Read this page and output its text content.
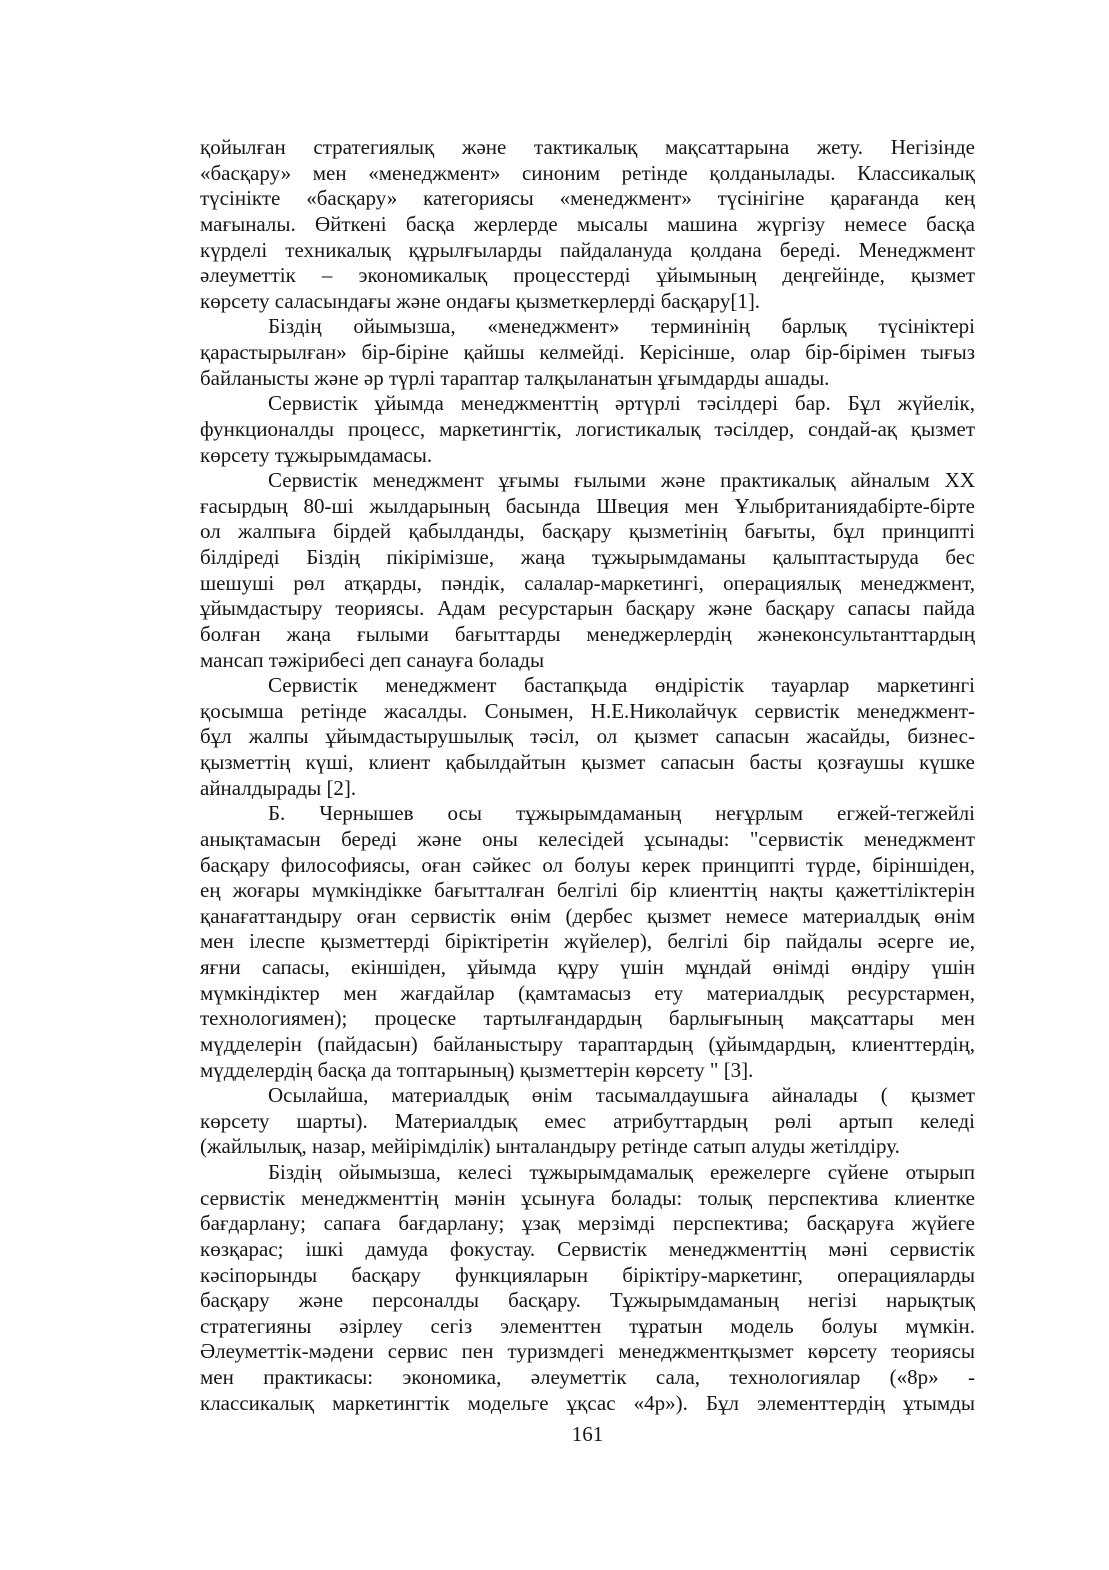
қойылған стратегиялық және тактикалық мақсаттарына жету. Негізінде
«басқару» мен «менеджмент» синоним ретінде қолданылады. Классикалық
түсінікте «басқару» категориясы «менеджмент» түсінігіне қарағанда кең
мағыналы. Өйткені басқа жерлерде мысалы машина жүргізу немесе басқа
күрделі техникалық құрылғыларды пайдалануда қолдана береді. Менеджмент
әлеуметтік – экономикалық процесстерді ұйымының деңгейінде, қызмет
көрсету саласындағы және ондағы қызметкерлерді басқару[1].
Біздің ойымызша, «менеджмент» терминінің барлық түсініктері
қарастырылған» бір-біріне қайшы келмейді. Керісінше, олар бір-бірімен тығыз
байланысты және әр түрлі тараптар талқыланатын ұғымдарды ашады.
Сервистік ұйымда менеджменттің әртүрлі тәсілдері бар. Бұл жүйелік,
функционалды процесс, маркетингтік, логистикалық тәсілдер, сондай-ақ қызмет
көрсету тұжырымдамасы.
Сервистік менеджмент ұғымы ғылыми және практикалық айналым XX
ғасырдың 80-ші жылдарының басында Швеция мен Ұлыбританиядабірте-бірте
ол жалпыға бірдей қабылданды, басқару қызметінің бағыты, бұл принципті
білдіреді Біздің пікірімізше, жаңа тұжырымдаманы қалыптастыруда бес
шешуші рөл атқарды, пәндік, салалар-маркетингі, операциялық менеджмент,
ұйымдастыру теориясы. Адам ресурстарын басқару және басқару сапасы пайда
болған жаңа ғылыми бағыттарды менеджерлердің жәнеконсультанттардың
мансап тәжірибесі деп санауға болады
Сервистік менеджмент бастапқыда өндірістік тауарлар маркетингі
қосымша ретінде жасалды. Сонымен, Н.Е.Николайчук сервистік менеджмент-
бұл жалпы ұйымдастырушылық тәсіл, ол қызмет сапасын жасайды, бизнес-
қызметтің күші, клиент қабылдайтын қызмет сапасын басты қозғаушы күшке
айналдырады [2].
Б. Чернышев осы тұжырымдаманың неғұрлым егжей-тегжейлі
анықтамасын береді және оны келесідей ұсынады: "сервистік менеджмент
басқару философиясы, оған сәйкес ол болуы керек принципті түрде, біріншіден,
ең жоғары мүмкіндікке бағытталған белгілі бір клиенттің нақты қажеттіліктерін
қанағаттандыру оған сервистік өнім (дербес қызмет немесе материалдық өнім
мен ілеспе қызметтерді біріктіретін жүйелер), белгілі бір пайдалы әсерге ие,
яғни сапасы, екіншіден, ұйымда құру үшін мұндай өнімді өндіру үшін
мүмкіндіктер мен жағдайлар (қамтамасыз ету материалдық ресурстармен,
технологиямен); процеске тартылғандардың барлығының мақсаттары мен
мүдделерін (пайдасын) байланыстыру тараптардың (ұйымдардың, клиенттердің,
мүдделердің басқа да топтарының) қызметтерін көрсету " [3].
Осылайша, материалдық өнім тасымалдаушыға айналады ( қызмет
көрсету шарты). Материалдық емес атрибуттардың рөлі артып келеді
(жайлылық, назар, мейірімділік) ынталандыру ретінде сатып алуды жетілдіру.
Біздің ойымызша, келесі тұжырымдамалық ережелерге сүйене отырып
сервистік менеджменттің мәнін ұсынуға болады: толық перспектива клиентке
бағдарлану; сапаға бағдарлану; ұзақ мерзімді перспектива; басқаруға жүйеге
көзқарас; ішкі дамуда фокустау. Сервистік менеджменттің мәні сервистік
кәсіпорынды басқару функцияларын біріктіру-маркетинг, операцияларды
басқару және персоналды басқару. Тұжырымдаманың негізі нарықтық
стратегияны әзірлеу сегіз элементтен тұратын модель болуы мүмкін.
Әлеуметтік-мәдени сервис пен туризмдегі менеджментқызмет көрсету теориясы
мен практикасы: экономика, әлеуметтік сала, технологиялар («8р» -
классикалық маркетингтік модельге ұқсас «4р»). Бұл элементтердің ұтымды
161
